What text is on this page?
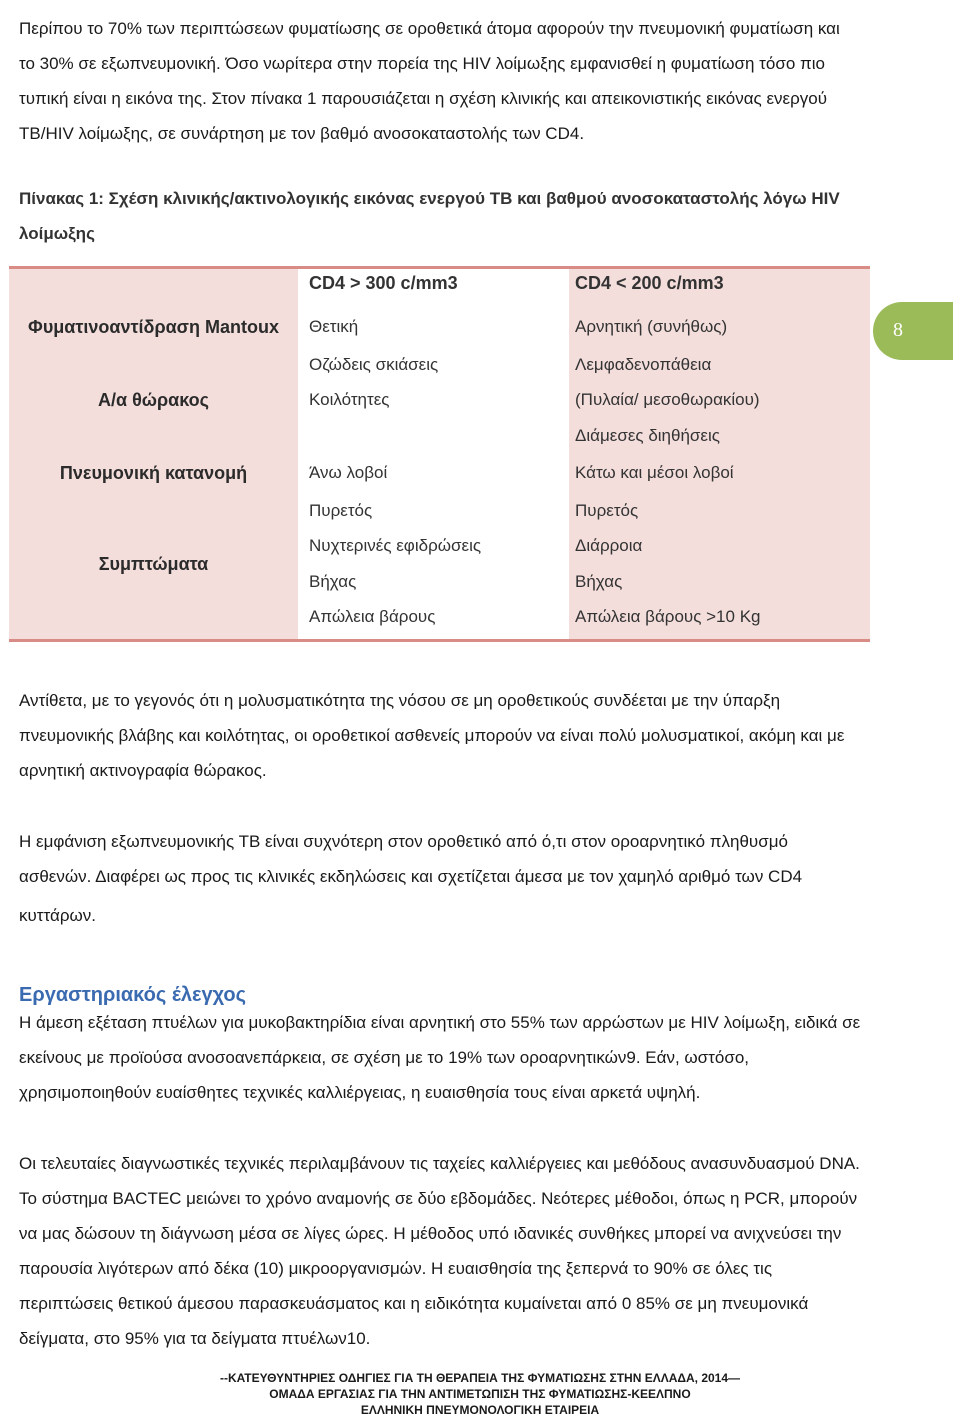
Περίπου το 70% των περιπτώσεων φυματίωσης σε οροθετικά άτομα αφορούν την πνευμονική φυματίωση και

το 30% σε εξωπνευμονική. Όσο νωρίτερα στην πορεία της HIV λοίμωξης εμφανισθεί η φυματίωση τόσο πιο

τυπική είναι η εικόνα της. Στον πίνακα 1 παρουσιάζεται η σχέση κλινικής και απεικονιστικής εικόνας ενεργού

ΤΒ/HIV λοίμωξης, σε συνάρτηση με τον βαθμό ανοσοκαταστολής των CD4.

Πίνακας 1: Σχέση κλινικής/ακτινολογικής εικόνας ενεργού ΤΒ και βαθμού ανοσοκαταστολής λόγω HIV
λοίμωξης
CD4 > 300 c/mm3	CD4 < 200 c/mm3
Φυματινοαντίδραση Mantoux
Α/α θώρακος
Πνευμονική κατανομή
Συμπτώματα
Θετική
Οζώδεις σκιάσεις
Κοιλότητες
Άνω λοβοί
Πυρετός
Νυχτερινές εφιδρώσεις
Βήχας
Απώλεια βάρους
Αρνητική (συνήθως)
Λεμφαδενοπάθεια
(Πυλαία/ μεσοθωρακίου)
Διάμεσες διηθήσεις
Κάτω και μέσοι λοβοί
Πυρετός
Διάρροια
Βήχας
Απώλεια βάρους >10 Kg
8

Αντίθετα, με το γεγονός ότι η μολυσματικότητα της νόσου σε μη οροθετικούς συνδέεται με την ύπαρξη

πνευμονικής βλάβης και κοιλότητας, οι οροθετικοί ασθενείς μπορούν να είναι πολύ μολυσματικοί, ακόμη και με

αρνητική ακτινογραφία θώρακος.

Η εμφάνιση εξωπνευμονικής ΤΒ είναι συχνότερη στον οροθετικό από ό,τι στον οροαρνητικό πληθυσμό

ασθενών. Διαφέρει ως προς τις κλινικές εκδηλώσεις και σχετίζεται άμεσα με τον χαμηλό αριθμό των CD4

κυττάρων.

Εργαστηριακός έλεγχος

Η άμεση εξέταση πτυέλων για μυκοβακτηρίδια είναι αρνητική στο 55% των αρρώστων με HIV λοίμωξη, ειδικά σε

εκείνους με προϊούσα ανοσοανεπάρκεια, σε σχέση με το 19% των οροαρνητικών9. Εάν, ωστόσο,

χρησιμοποιηθούν ευαίσθητες τεχνικές καλλιέργειας, η ευαισθησία τους είναι αρκετά υψηλή.

Οι τελευταίες διαγνωστικές τεχνικές περιλαμβάνουν τις ταχείες καλλιέργειες και μεθόδους ανασυνδυασμού DNA.

Το σύστημα BACTEC μειώνει το χρόνο αναμονής σε δύο εβδομάδες. Νεότερες μέθοδοι, όπως η PCR, μπορούν

να μας δώσουν τη διάγνωση μέσα σε λίγες ώρες. Η μέθοδος υπό ιδανικές συνθήκες μπορεί να ανιχνεύσει την

παρουσία λιγότερων από δέκα (10) μικροοργανισμών. Η ευαισθησία της ξεπερνά το 90% σε όλες τις

περιπτώσεις θετικού άμεσου παρασκευάσματος και η ειδικότητα κυμαίνεται από 0 85% σε μη πνευμονικά

δείγματα, στο 95% για τα δείγματα πτυέλων10.

--ΚΑΤΕΥΘΥΝΤΗΡΙΕΣ ΟΔΗΓΙΕΣ ΓΙΑ ΤΗ ΘΕΡΑΠΕΙΑ ΤΗΣ ΦΥΜΑΤΙΩΣΗΣ ΣΤΗΝ ΕΛΛΑΔΑ, 2014—
ΟΜΑΔΑ ΕΡΓΑΣΙΑΣ ΓΙΑ ΤΗΝ ΑΝΤΙΜΕΤΩΠΙΣΗ ΤΗΣ ΦΥΜΑΤΙΩΣΗΣ-ΚΕΕΛΠΝΟ
ΕΛΛΗΝΙΚΗ ΠΝΕΥΜΟΝΟΛΟΓΙΚΗ ΕΤΑΙΡΕΙΑ
